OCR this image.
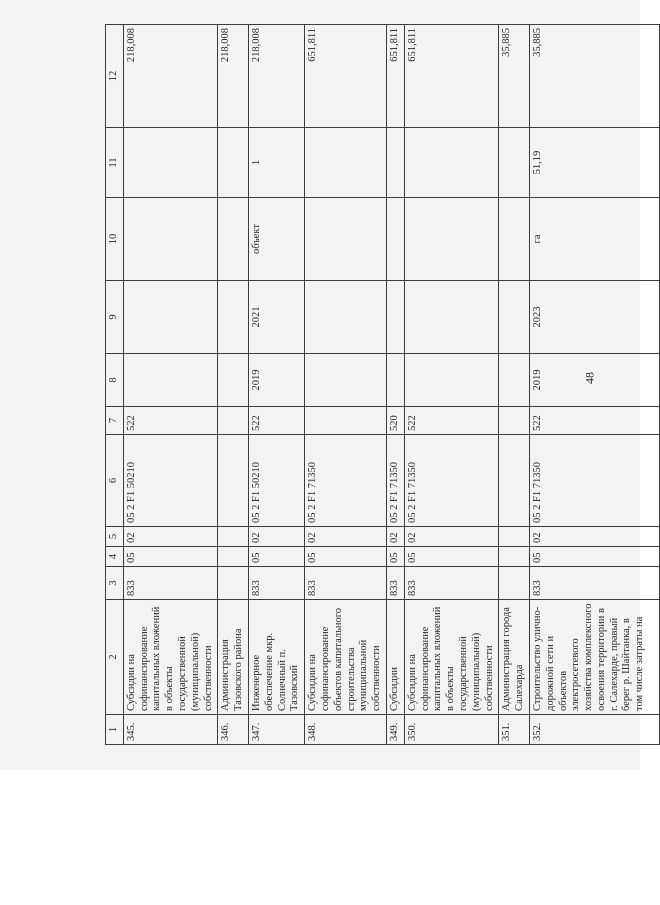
48
1	2	3	4	5	6	7	8	9	10	11	12
345.	Субсидии на софинансирование капитальных вложений в объекты государственной (муниципальной) собственности	833	05	02	05 2 F1 50210	522					218,008
346.	Администрация Тазовского района										218,008
347.	Инженерное обеспечение мкр. Солнечный п. Тазовский	833	05	02	05 2 F1 50210	522	2019	2021	объект	1	218,008
348.	Субсидии на софинансирование объектов капитального строительства муниципальной собственности	833	05	02	05 2 F1 71350						651,811
349.	Субсидии	833	05	02	05 2 F1 71350	520					651,811
350.	Субсидии на софинансирование капитальных вложений в объекты государственной (муниципальной) собственности	833	05	02	05 2 F1 71350	522					651,811
351.	Администрация города Салехарда										35,885
352.	Строительство улично-дорожной сети и объектов электросетевого хозяйства комплексного освоения территории в г. Салехарде, правый берег р. Шайтанка, в том числе затраты на	833	05	02	05 2 F1 71350	522	2019	2023	га	51,19	35,885
